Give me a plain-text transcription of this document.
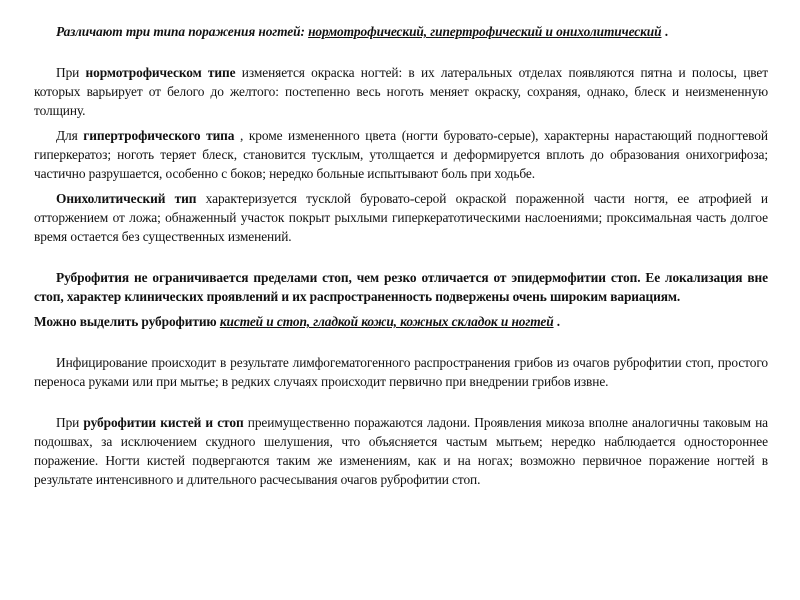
Различают три типа поражения ногтей: нормотрофический, гипертрофический и онихолитический .

При нормотрофическом типе изменяется окраска ногтей: в их латеральных отделах появляются пятна и полосы, цвет которых варьирует от белого до желтого: постепенно весь ноготь меняет окраску, сохраняя, однако, блеск и неизмененную толщину.

Для гипертрофического типа , кроме измененного цвета (ногти буровато-серые), характерны нарастающий подногтевой гиперкератоз; ноготь теряет блеск, становится тусклым, утолщается и деформируется вплоть до образования онихогрифоза; частично разрушается, особенно с боков; нередко больные испытывают боль при ходьбе.

Онихолитический тип характеризуется тусклой буровато-серой окраской пораженной части ногтя, ее атрофией и отторжением от ложа; обнаженный участок покрыт рыхлыми гиперкератотическими наслоениями; проксимальная часть долгое время остается без существенных изменений.

Руброфития не ограничивается пределами стоп, чем резко отличается от эпидермофитии стоп. Ее локализация вне стоп, характер клинических проявлений и их распространенность подвержены очень широким вариациям.

Можно выделить руброфитию кистей и стоп, гладкой кожи, кожных складок и ногтей .

Инфицирование происходит в результате лимфогематогенного распространения грибов из очагов руброфитии стоп, простого переноса руками или при мытье; в редких случаях происходит первично при внедрении грибов извне.

При руброфитии кистей и стоп преимущественно поражаются ладони. Проявления микоза вполне аналогичны таковым на подошвах, за исключением скудного шелушения, что объясняется частым мытьем; нередко наблюдается одностороннее поражение. Ногти кистей подвергаются таким же изменениям, как и на ногах; возможно первичное поражение ногтей в результате интенсивного и длительного расчесывания очагов руброфитии стоп.
